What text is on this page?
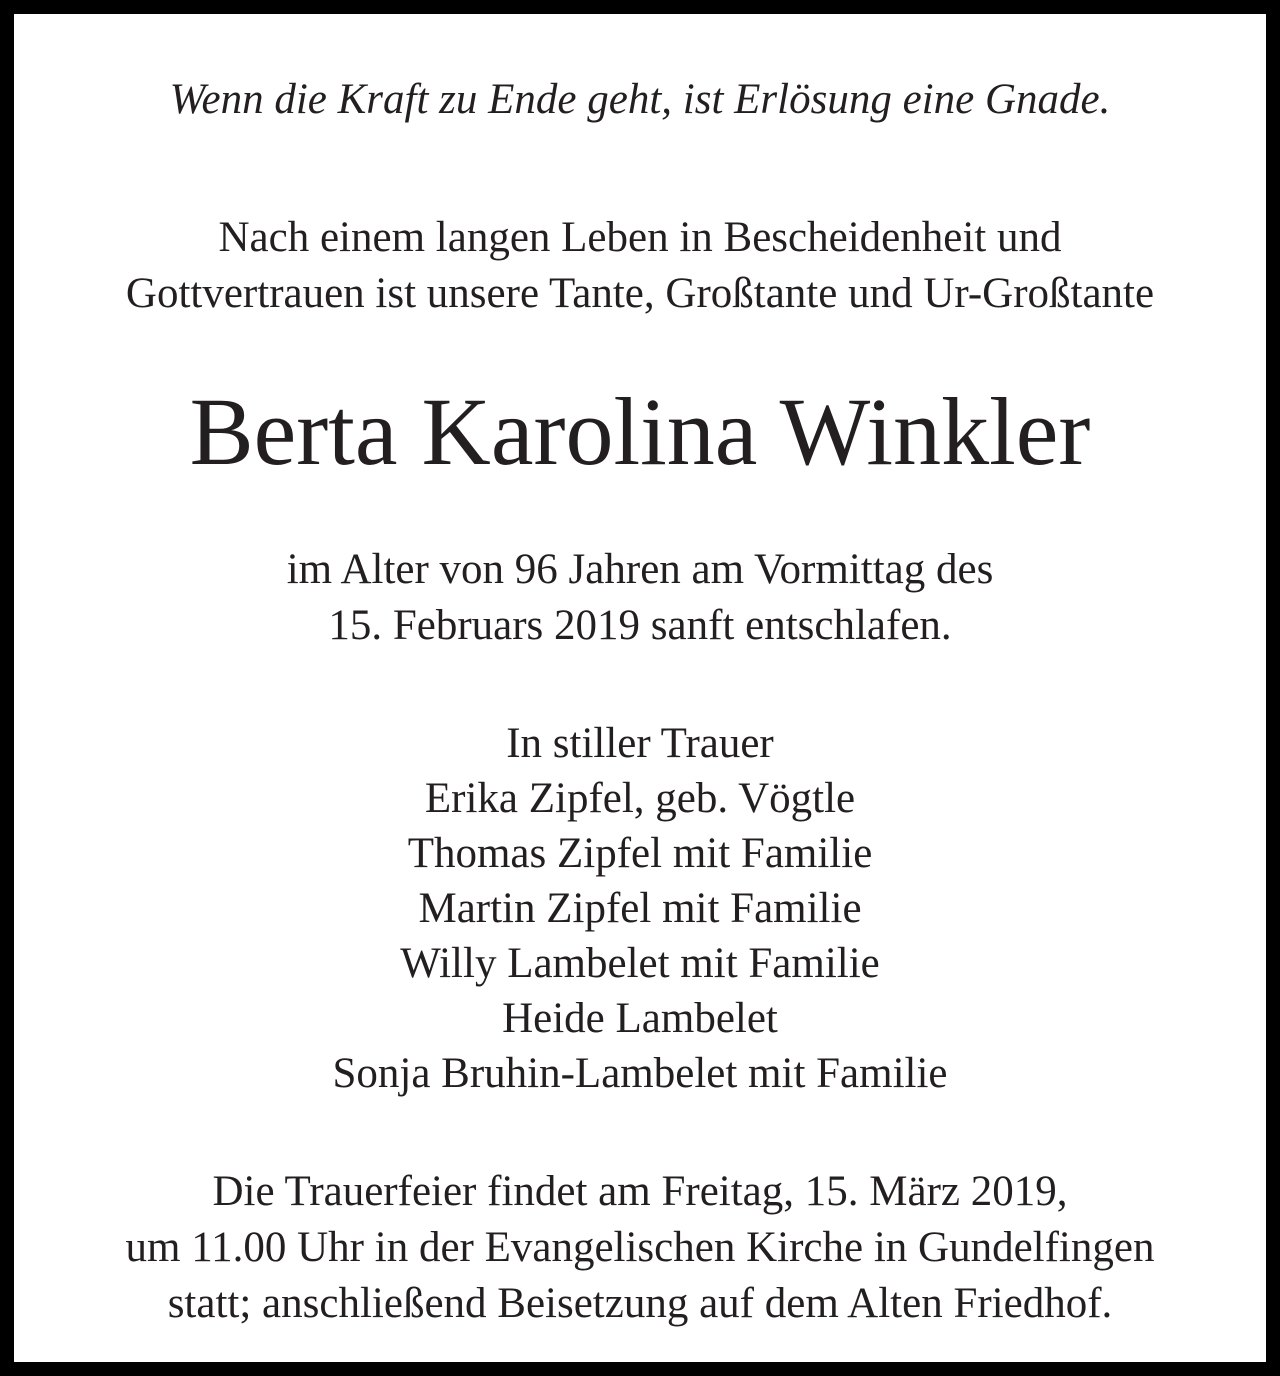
Wenn die Kraft zu Ende geht, ist Erlösung eine Gnade.

Nach einem langen Leben in Bescheidenheit und
Gottvertrauen ist unsere Tante, Großtante und Ur-Großtante
Berta Karolina Winkler
im Alter von 96 Jahren am Vormittag des
15. Februars 2019 sanft entschlafen.
In stiller Trauer
Erika Zipfel, geb. Vögtle
Thomas Zipfel mit Familie
Martin Zipfel mit Familie
Willy Lambelet mit Familie
Heide Lambelet
Sonja Bruhin-Lambelet mit Familie
Die Trauerfeier findet am Freitag, 15. März 2019,
um 11.00 Uhr in der Evangelischen Kirche in Gundelfingen
statt; anschließend Beisetzung auf dem Alten Friedhof.
